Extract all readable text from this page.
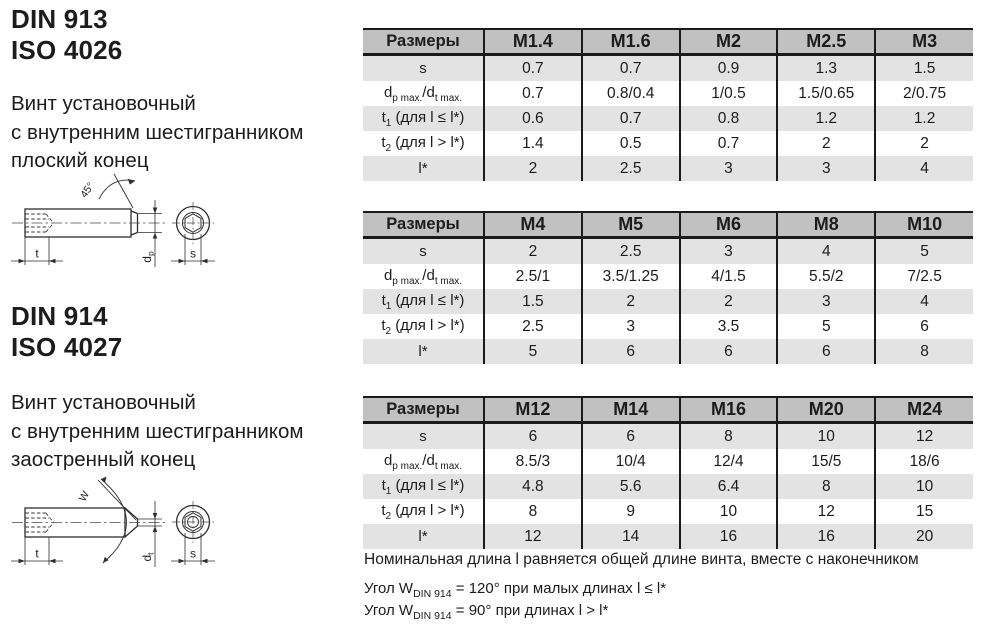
DIN 913
ISO 4026
Винт установочный
с внутренним шестигранником
плоский конец
45°
t	$d_p$	s
DIN 914
ISO 4027
Винт установочный
с внутренним шестигранником
заостренный конец
W
t	$d_t$	s
Размеры	M1.4	M1.6	M2	M2.5	M3
s	0.7	0.7	0.9	1.3	1.5
$d_{p max.}/d_{t max.}$	0.7	0.8/0.4	1/0.5	1.5/0.65	2/0.75
$t_1$ (для l ≤ l*)	0.6	0.7	0.8	1.2	1.2
$t_2$ (для l > l*)	1.4	0.5	0.7	2	2
l*	2	2.5	3	3	4
Размеры	M4	M5	M6	M8	M10
s	2	2.5	3	4	5
$d_{p max.}/d_{t max.}$	2.5/1	3.5/1.25	4/1.5	5.5/2	7/2.5
$t_1$ (для l ≤ l*)	1.5	2	2	3	4
$t_2$ (для l > l*)	2.5	3	3.5	5	6
l*	5	6	6	6	8
Размеры	M12	M14	M16	M20	M24
s	6	6	8	10	12
$d_{p max.}/d_{t max.}$	8.5/3	10/4	12/4	15/5	18/6
$t_1$ (для l ≤ l*)	4.8	5.6	6.4	8	10
$t_2$ (для l > l*)	8	9	10	12	15
l*	12	14	16	16	20
Номинальная длина l равняется общей длине винта, вместе с наконечником
Угол $W_{DIN 914} = 120^\circ$ при малых длинах l ≤ l*
Угол $W_{DIN 914} = 90^\circ$ при длинах l > l*
